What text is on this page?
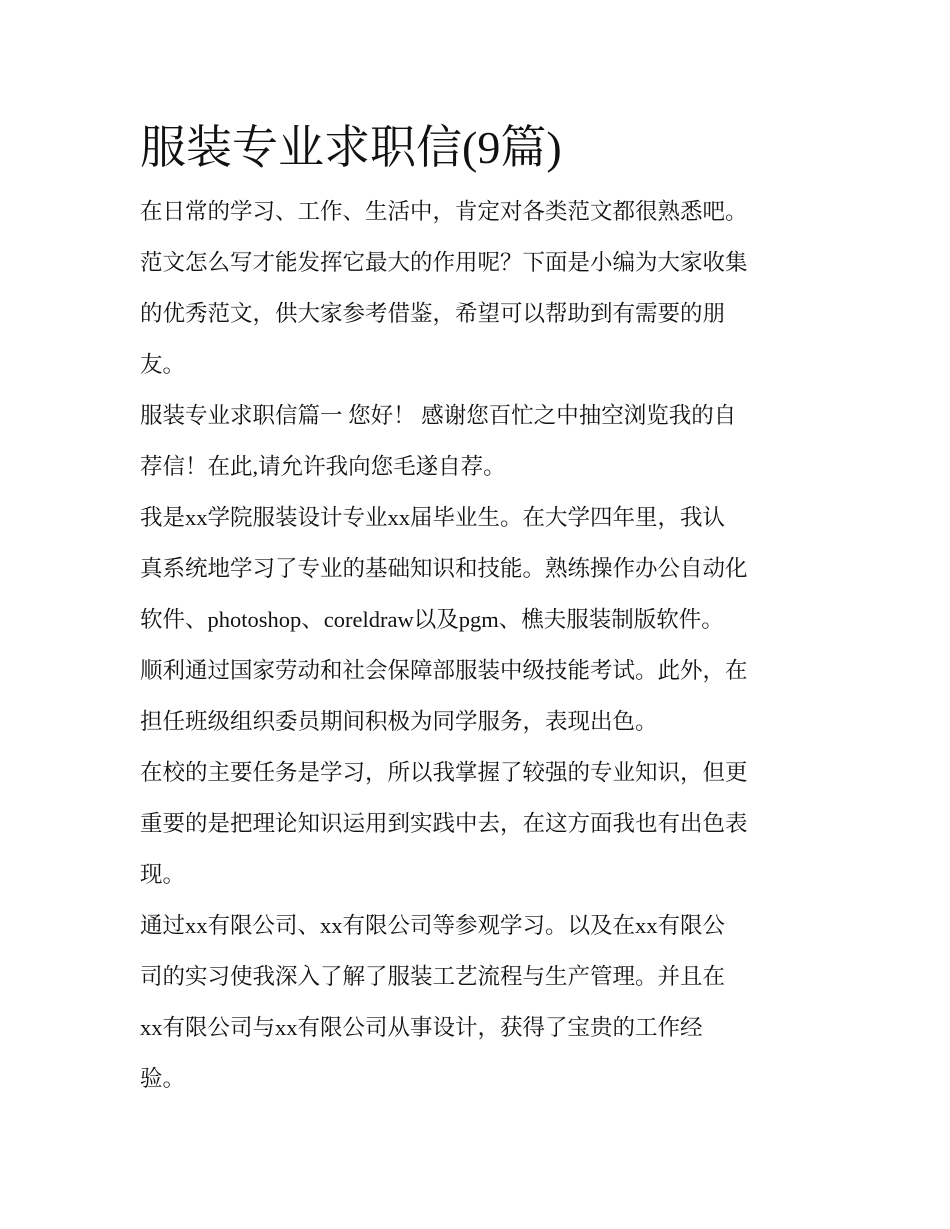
服装专业求职信(9篇)
在日常的学习、工作、生活中，肯定对各类范文都很熟悉吧。
范文怎么写才能发挥它最大的作用呢？下面是小编为大家收集
的优秀范文，供大家参考借鉴，希望可以帮助到有需要的朋
友。
服装专业求职信篇一 您好！ 感谢您百忙之中抽空浏览我的自
荐信！在此,请允许我向您毛遂自荐。
我是xx学院服装设计专业xx届毕业生。在大学四年里，我认
真系统地学习了专业的基础知识和技能。熟练操作办公自动化
软件、photoshop、coreldraw以及pgm、樵夫服装制版软件。
顺利通过国家劳动和社会保障部服装中级技能考试。此外，在
担任班级组织委员期间积极为同学服务，表现出色。
在校的主要任务是学习，所以我掌握了较强的专业知识，但更
重要的是把理论知识运用到实践中去，在这方面我也有出色表
现。
通过xx有限公司、xx有限公司等参观学习。以及在xx有限公
司的实习使我深入了解了服装工艺流程与生产管理。并且在
xx有限公司与xx有限公司从事设计，获得了宝贵的工作经
验。
